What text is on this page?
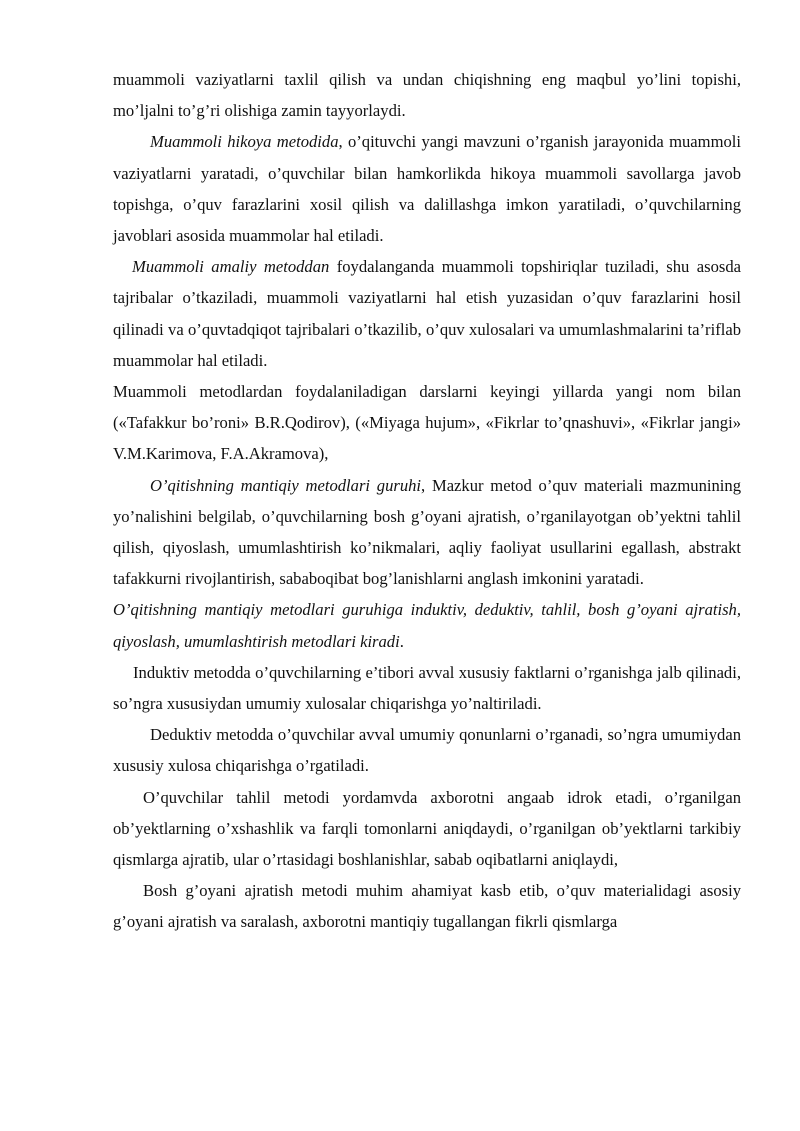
muammoli vaziyatlarni taxlil qilish va undan chiqishning eng maqbul yo’lini topishi, mo’ljalni to’g’ri olishiga zamin tayyorlaydi.

Muammoli hikoya metodida, o’qituvchi yangi mavzuni o’rganish jarayonida muammoli vaziyatlarni yaratadi, o’quvchilar bilan hamkorlikda hikoya muammoli savollarga javob topishga, o’quv farazlarini xosil qilish va dalillashga imkon yaratiladi, o’quvchilarning javoblari asosida muammolar hal etiladi.

Muammoli amaliy metoddan foydalanganda muammoli topshiriqlar tuziladi, shu asosda tajribalar o’tkaziladi, muammoli vaziyatlarni hal etish yuzasidan o’quv farazlarini hosil qilinadi va o’quvtadqiqot tajribalari o’tkazilib, o’quv xulosalari va umumlashmalarini ta’riflab muammolar hal etiladi.

Muammoli metodlardan foydalaniladigan darslarni keyingi yillarda yangi nom bilan («Tafakkur bo’roni» B.R.Qodirov), («Miyaga hujum», «Fikrlar to’qnashuvi», «Fikrlar jangi» V.M.Karimova, F.A.Akramova),

O’qitishning mantiqiy metodlari guruhi, Mazkur metod o’quv materiali mazmunining yo’nalishini belgilab, o’quvchilarning bosh g’oyani ajratish, o’rganilayotgan ob’yektni tahlil qilish, qiyoslash, umumlashtirish ko’nikmalari, aqliy faoliyat usullarini egallash, abstrakt tafakkurni rivojlantirish, sababoqibat bog’lanishlarni anglash imkonini yaratadi.

O’qitishning mantiqiy metodlari guruhiga induktiv, deduktiv, tahlil, bosh g’oyani ajratish, qiyoslash, umumlashtirish metodlari kiradi.

Induktiv metodda o’quvchilarning e’tibori avval xususiy faktlarni o’rganishga jalb qilinadi, so’ngra xususiydan umumiy xulosalar chiqarishga yo’naltiriladi.

Deduktiv metodda o’quvchilar avval umumiy qonunlarni o’rganadi, so’ngra umumiydan xususiy xulosa chiqarishga o’rgatiladi.

O’quvchilar tahlil metodi yordamvda axborotni angaab idrok etadi, o’rganilgan ob’yektlarning o’xshashlik va farqli tomonlarni aniqdaydi, o’rganilgan ob’yektlarni tarkibiy qismlarga ajratib, ular o’rtasidagi boshlanishlar, sabab oqibatlarni aniqlaydi,

Bosh g’oyani ajratish metodi muhim ahamiyat kasb etib, o’quv materialidagi asosiy g’oyani ajratish va saralash, axborotni mantiqiy tugallangan fikrli qismlarga
